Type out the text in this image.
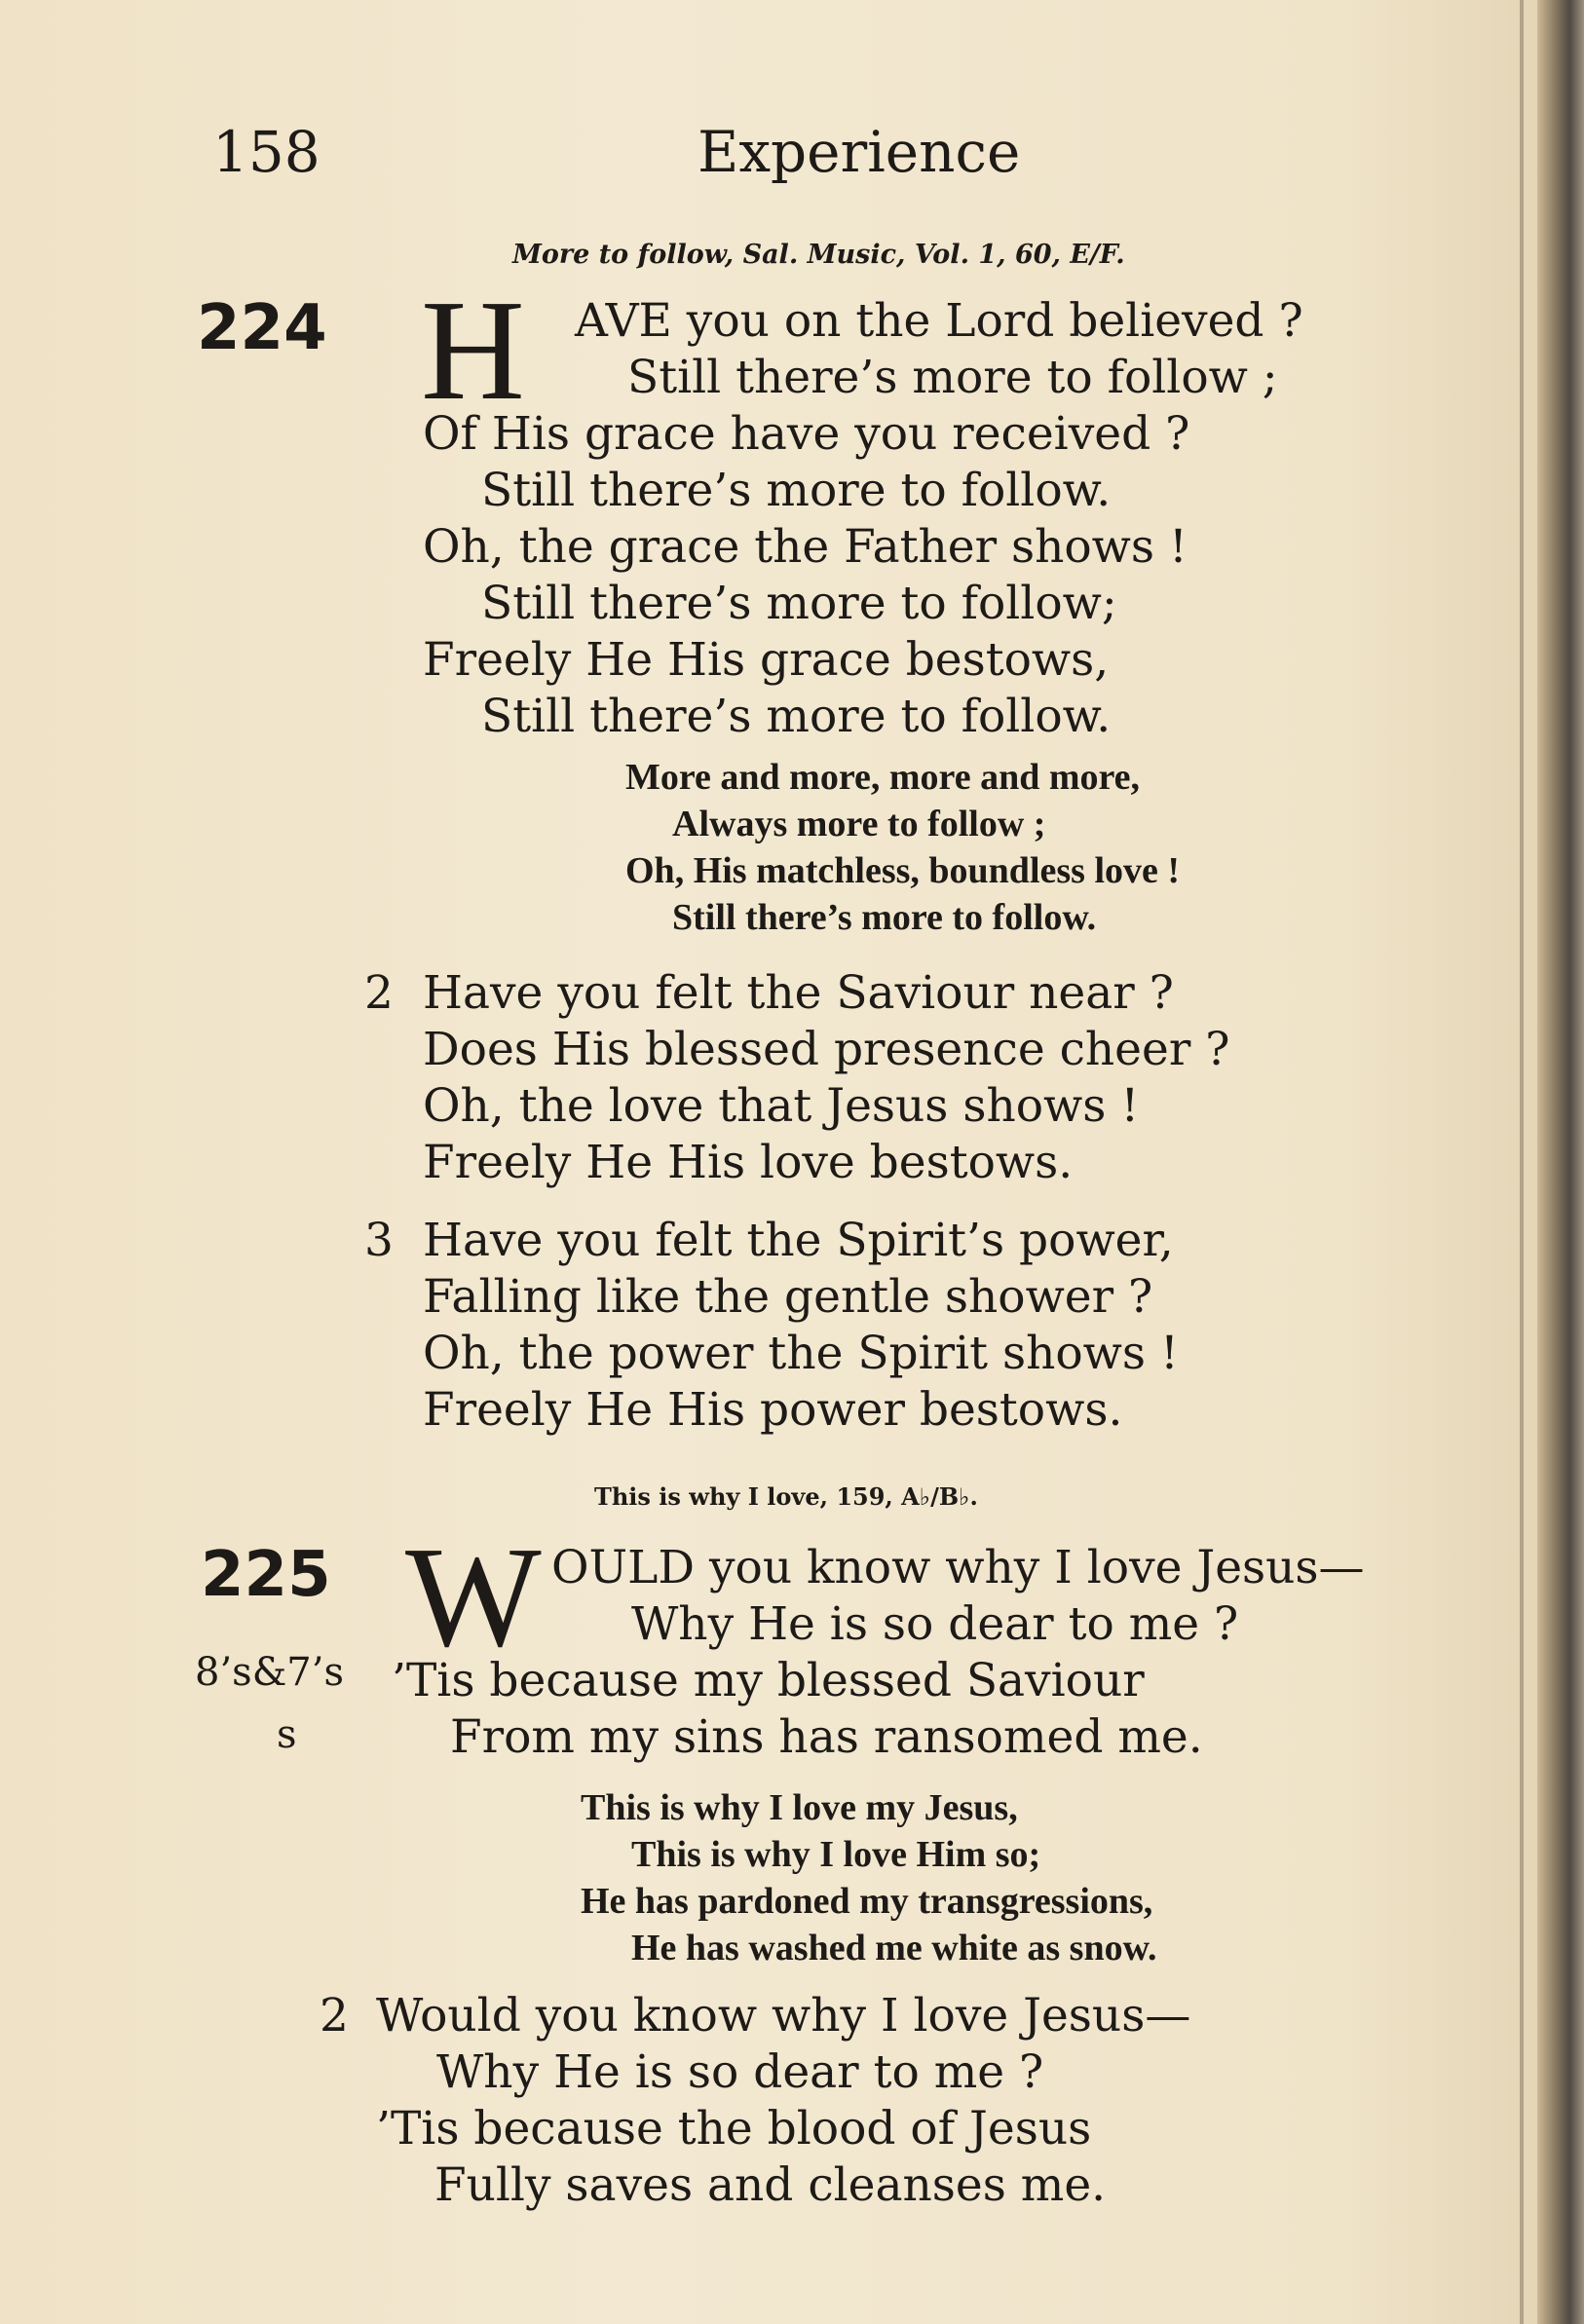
158	Experience
More to follow, Sal. Music, Vol. 1, 60, E/F.
224 H AVE you on the Lord believed ?
Still there’s more to follow ;
Of His grace have you received ?
Still there’s more to follow.
Oh, the grace the Father shows !
Still there’s more to follow;
Freely He His grace bestows,
Still there’s more to follow.
More and more, more and more,
Always more to follow ;
Oh, His matchless, boundless love !
Still there’s more to follow.
2 Have you felt the Saviour near ?
Does His blessed presence cheer ?
Oh, the love that Jesus shows !
Freely He His love bestows.
3 Have you felt the Spirit’s power,
Falling like the gentle shower ?
Oh, the power the Spirit shows !
Freely He His power bestows.
This is why I love, 159, A♭/B♭.
225
8’s&7’s
s
W OULD you know why I love Jesus—
Why He is so dear to me ?
’Tis because my blessed Saviour
From my sins has ransomed me.
This is why I love my Jesus,
This is why I love Him so;
He has pardoned my transgressions,
He has washed me white as snow.
2 Would you know why I love Jesus—
Why He is so dear to me ?
’Tis because the blood of Jesus
Fully saves and cleanses me.
